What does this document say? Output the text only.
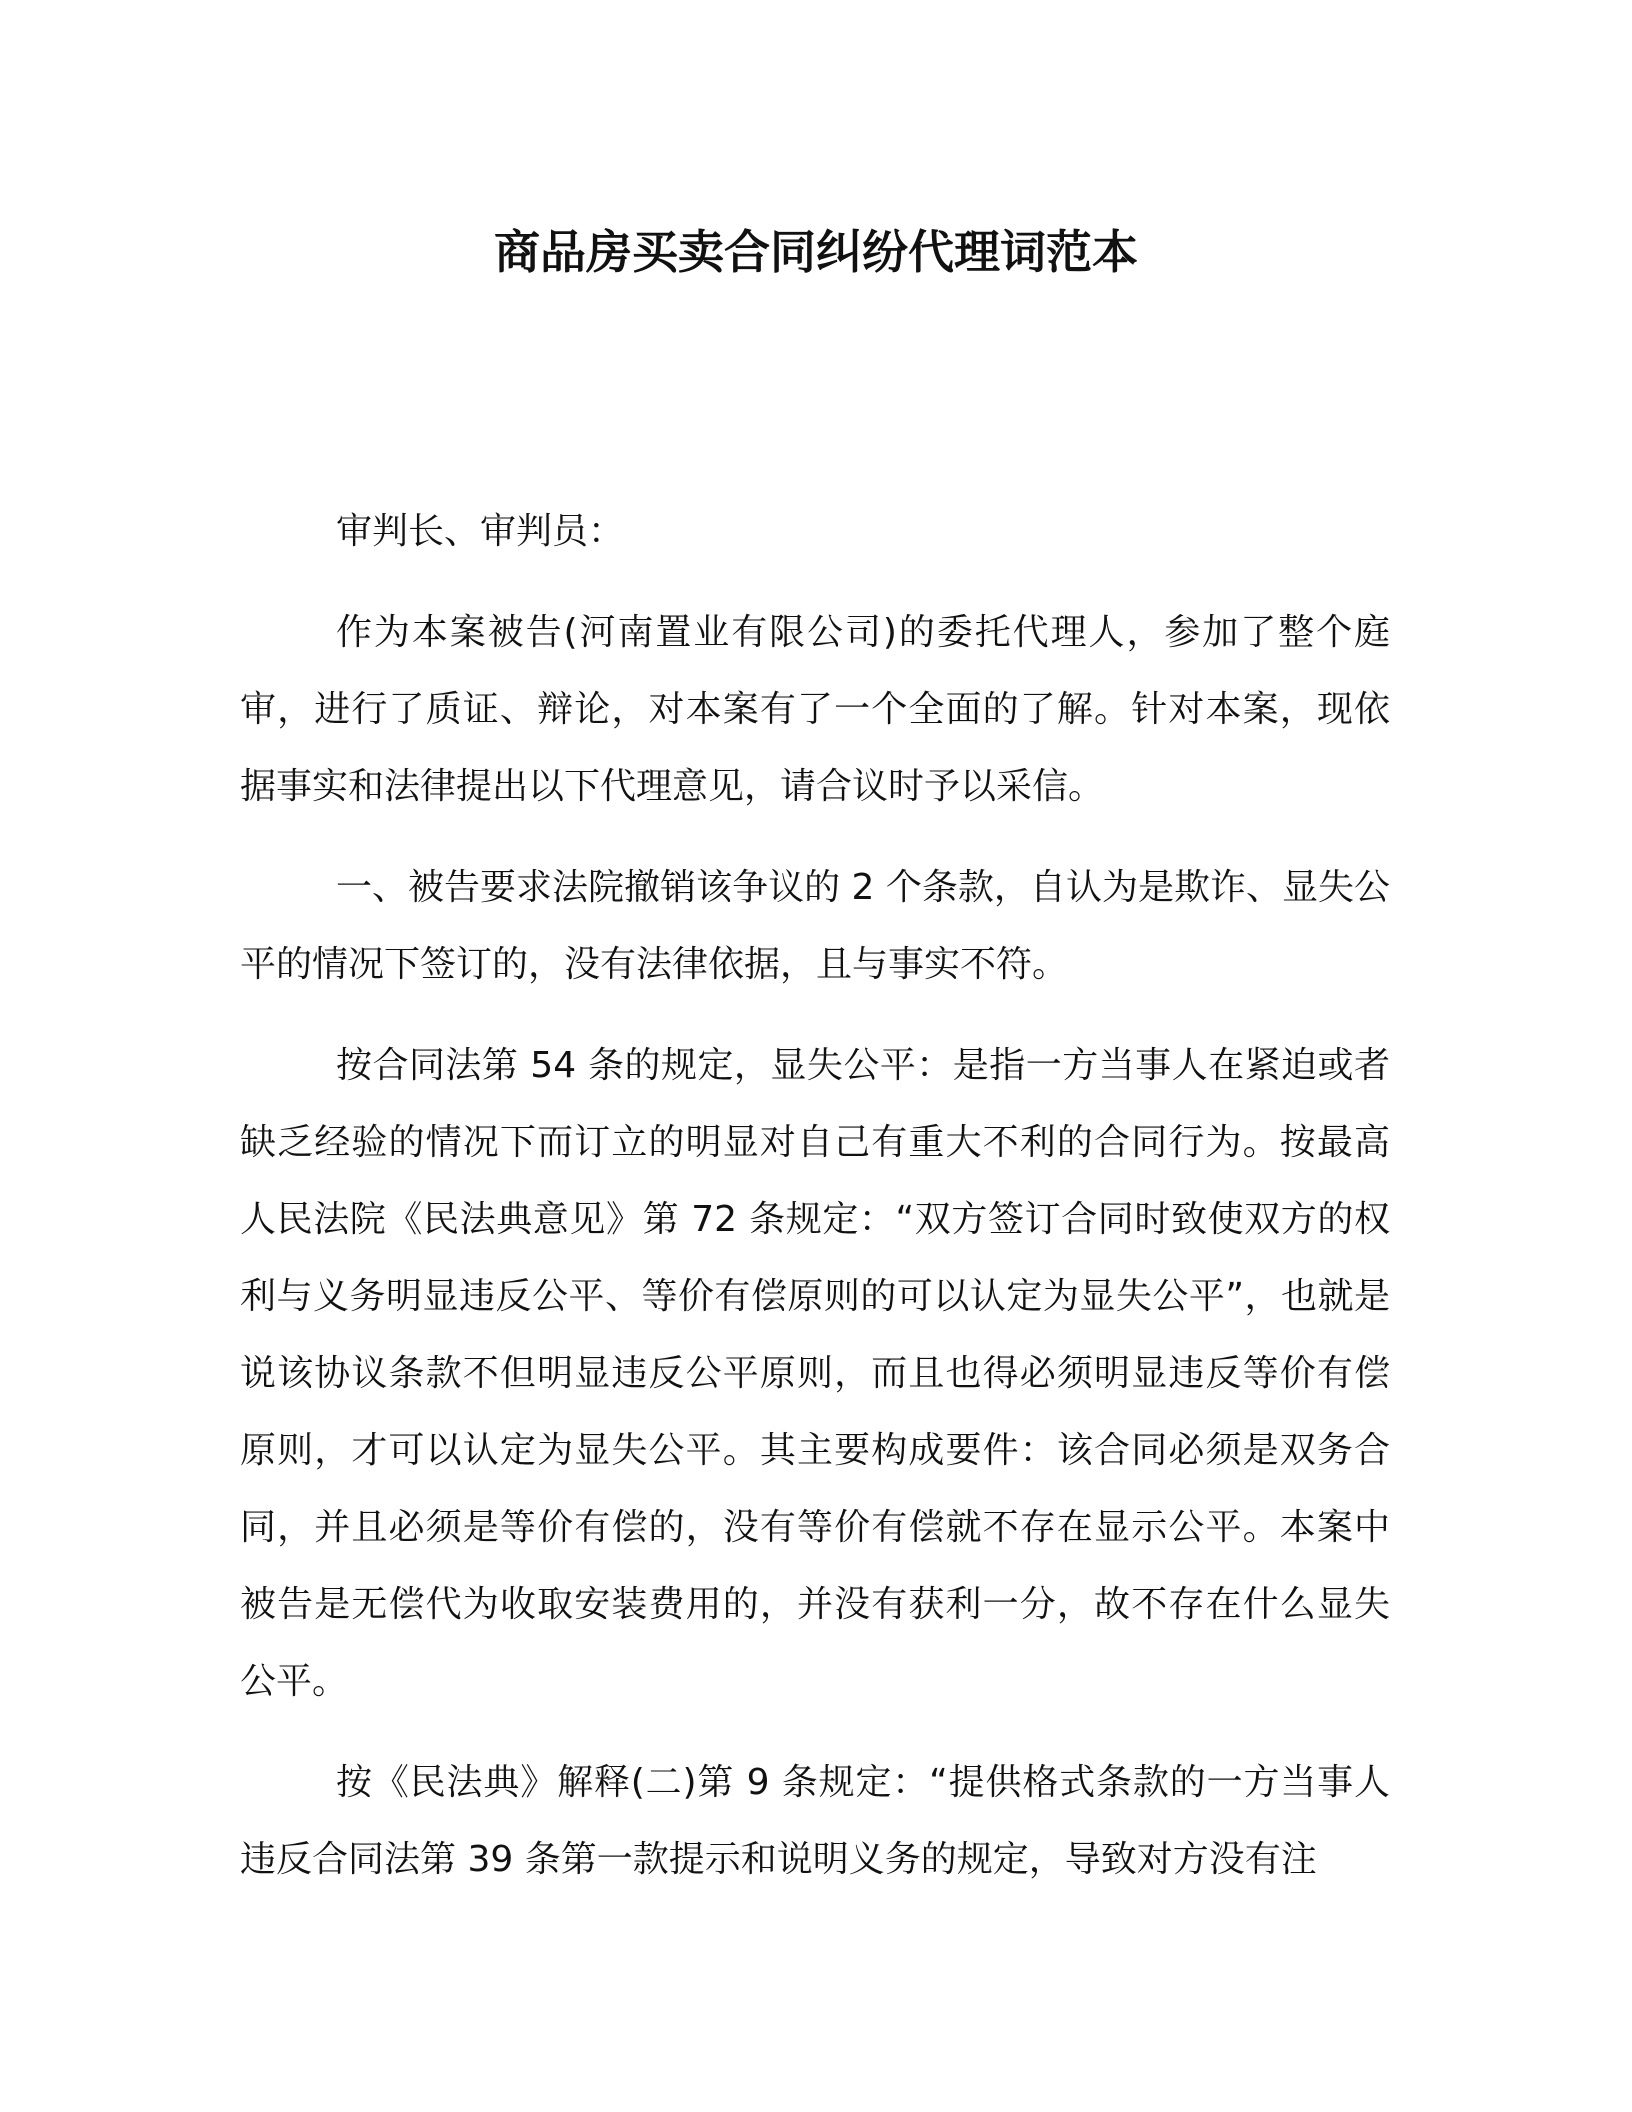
商品房买卖合同纠纷代理词范本

审判长、审判员：

作为本案被告(河南置业有限公司)的委托代理人，参加了整个庭审，进行了质证、辩论，对本案有了一个全面的了解。针对本案，现依据事实和法律提出以下代理意见，请合议时予以采信。

一、被告要求法院撤销该争议的 2 个条款，自认为是欺诈、显失公平的情况下签订的，没有法律依据，且与事实不符。

按合同法第 54 条的规定，显失公平：是指一方当事人在紧迫或者缺乏经验的情况下而订立的明显对自己有重大不利的合同行为。按最高人民法院《民法典意见》第 72 条规定：“双方签订合同时致使双方的权利与义务明显违反公平、等价有偿原则的可以认定为显失公平”，也就是说该协议条款不但明显违反公平原则，而且也得必须明显违反等价有偿原则，才可以认定为显失公平。其主要构成要件：该合同必须是双务合同，并且必须是等价有偿的，没有等价有偿就不存在显示公平。本案中被告是无偿代为收取安装费用的，并没有获利一分，故不存在什么显失公平。

按《民法典》解释(二)第 9 条规定：“提供格式条款的一方当事人违反合同法第 39 条第一款提示和说明义务的规定，导致对方没有注
